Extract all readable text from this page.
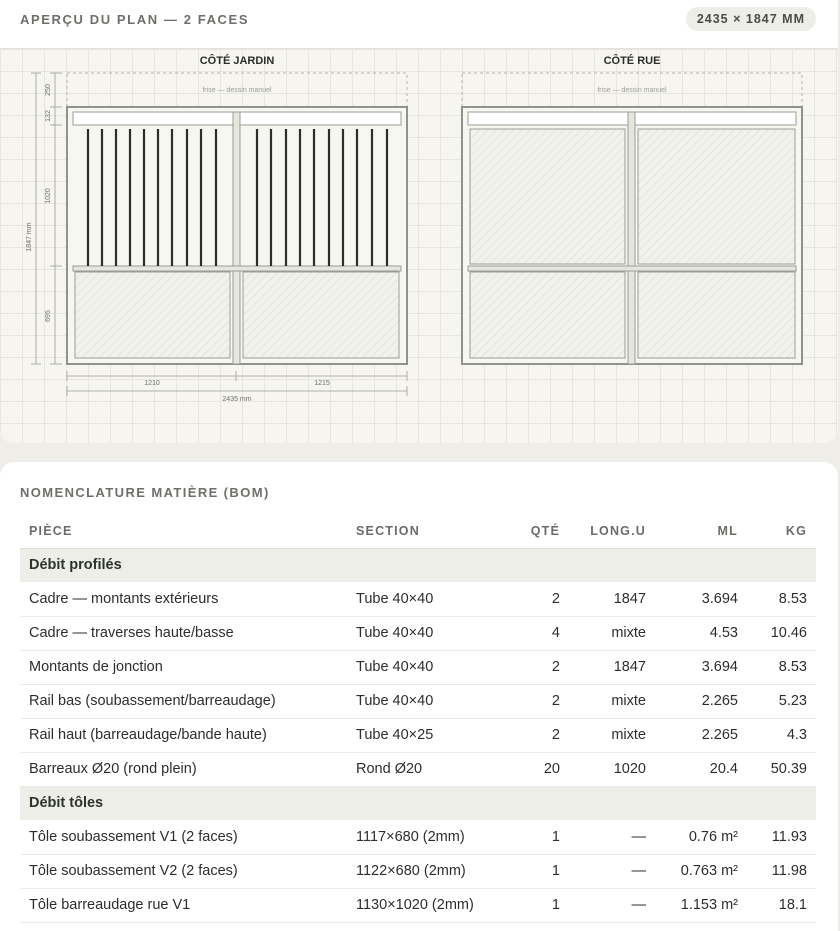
APERÇU DU PLAN — 2 FACES	2435 × 1847 MM
CÔTÉ JARDIN
frise — dessin manuel
1847 mm
250
132
1020
695
1210	1215
2435 mm
CÔTÉ RUE
frise — dessin manuel
NOMENCLATURE MATIÈRE (BOM)
PIÈCE	SECTION	QTÉ	LONG.U	ML	KG
Débit profilés					
Cadre — montants extérieurs	Tube 40×40	2	1847	3.694	8.53
Cadre — traverses haute/basse	Tube 40×40	4	mixte	4.53	10.46
Montants de jonction	Tube 40×40	2	1847	3.694	8.53
Rail bas (soubassement/barreaudage)	Tube 40×40	2	mixte	2.265	5.23
Rail haut (barreaudage/bande haute)	Tube 40×25	2	mixte	2.265	4.3
Barreaux Ø20 (rond plein)	Rond Ø20	20	1020	20.4	50.39
Débit tôles					
Tôle soubassement V1 (2 faces)	1117×680 (2mm)	1	—	0.76 m²	11.93
Tôle soubassement V2 (2 faces)	1122×680 (2mm)	1	—	0.763 m²	11.98
Tôle barreaudage rue V1	1130×1020 (2mm)	1	—	1.153 m²	18.1
